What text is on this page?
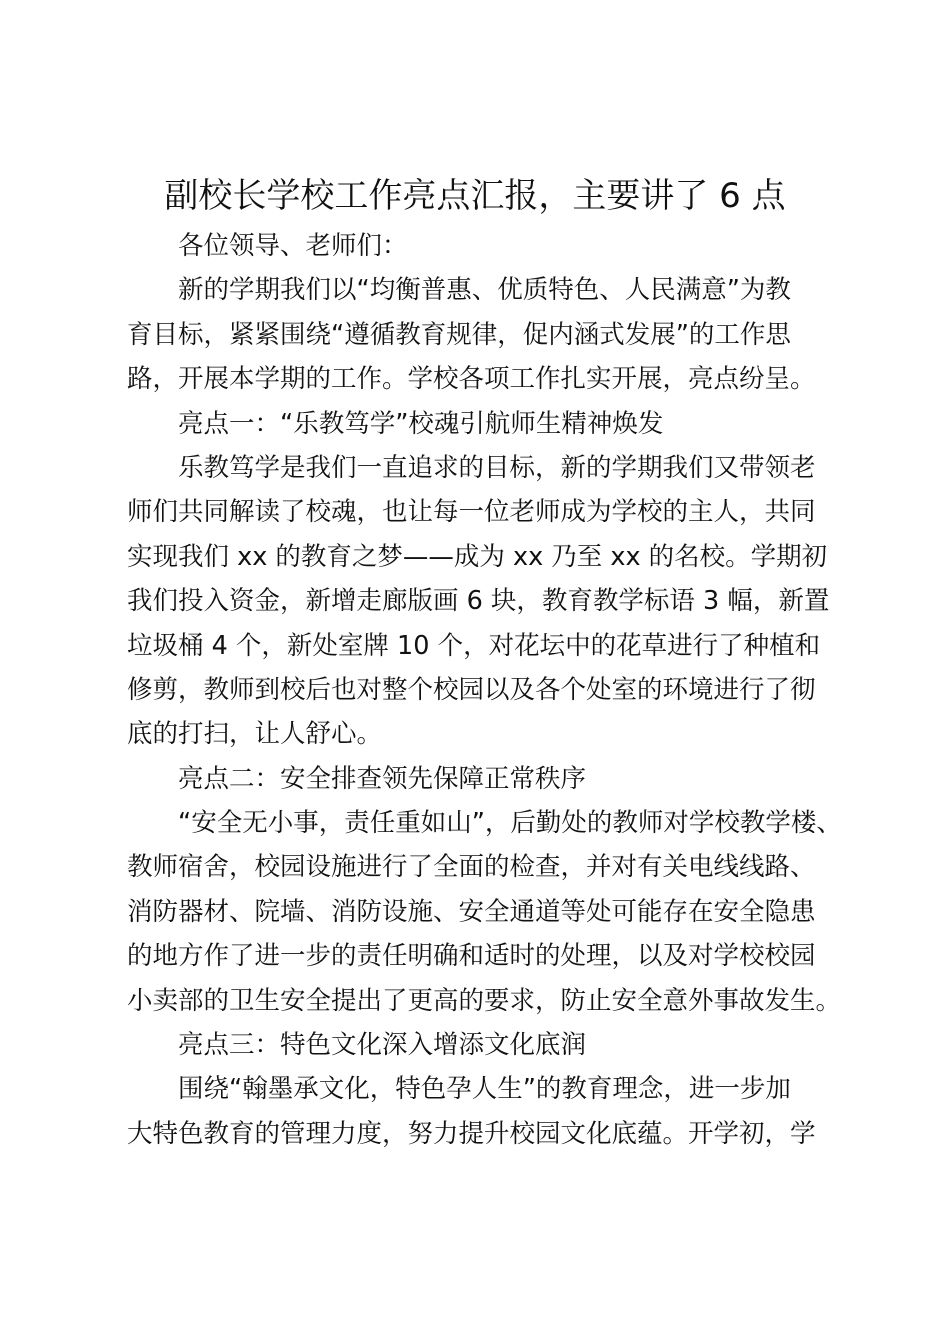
副校长学校工作亮点汇报，主要讲了 6 点
各位领导、老师们：
新的学期我们以“均衡普惠、优质特色、人民满意”为教
育目标，紧紧围绕“遵循教育规律，促内涵式发展”的工作思
路，开展本学期的工作。学校各项工作扎实开展，亮点纷呈。
亮点一：“乐教笃学”校魂引航师生精神焕发
乐教笃学是我们一直追求的目标，新的学期我们又带领老
师们共同解读了校魂，也让每一位老师成为学校的主人，共同
实现我们 xx 的教育之梦——成为 xx 乃至 xx 的名校。学期初
我们投入资金，新增走廊版画 6 块，教育教学标语 3 幅，新置
垃圾桶 4 个，新处室牌 10 个，对花坛中的花草进行了种植和
修剪，教师到校后也对整个校园以及各个处室的环境进行了彻
底的打扫，让人舒心。
亮点二：安全排查领先保障正常秩序
“安全无小事，责任重如山”，后勤处的教师对学校教学楼、
教师宿舍，校园设施进行了全面的检查，并对有关电线线路、
消防器材、院墙、消防设施、安全通道等处可能存在安全隐患
的地方作了进一步的责任明确和适时的处理，以及对学校校园
小卖部的卫生安全提出了更高的要求，防止安全意外事故发生。
亮点三：特色文化深入增添文化底润
围绕“翰墨承文化，特色孕人生”的教育理念，进一步加
大特色教育的管理力度，努力提升校园文化底蕴。开学初，学
